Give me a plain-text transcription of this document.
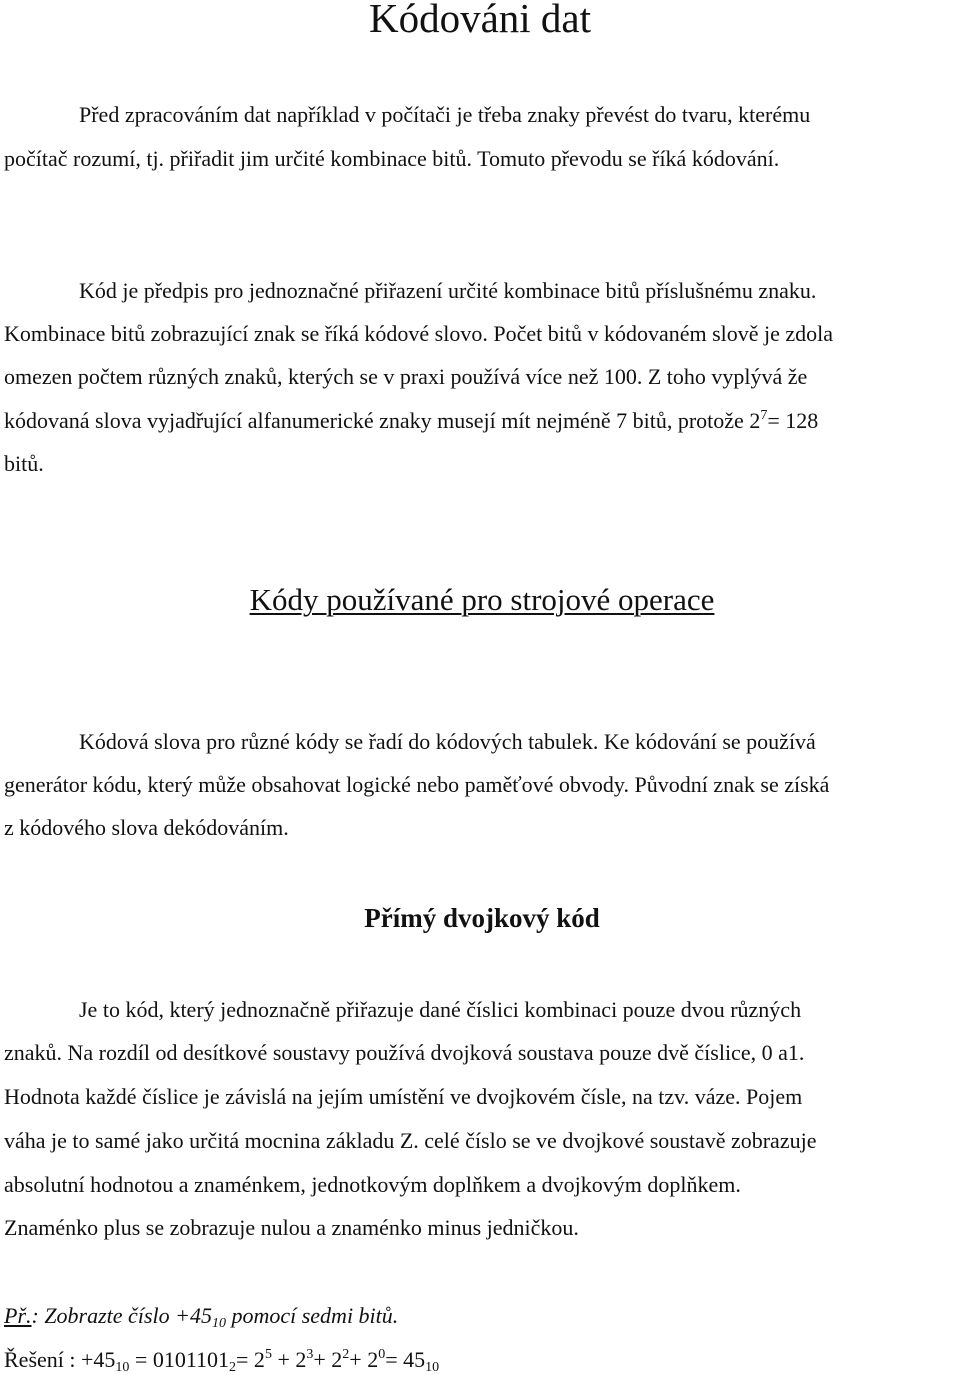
Kódováni dat
Před zpracováním dat například v počítači je třeba znaky převést do tvaru, kterému
počítač rozumí, tj. přiřadit jim určité kombinace bitů. Tomuto převodu se říká kódování.
Kód je předpis pro jednoznačné přiřazení určité kombinace bitů příslušnému znaku.
Kombinace bitů zobrazující znak se říká kódové slovo. Počet bitů v kódovaném slově je zdola
omezen počtem různých znaků, kterých se v praxi používá více než 100. Z toho vyplývá že
kódovaná slova vyjadřující alfanumerické znaky musejí mít nejméně 7 bitů, protože $2^7= 128$
bitů.
Kódy používané pro strojové operace
Kódová slova pro různé kódy se řadí do kódových tabulek. Ke kódování se používá
generátor kódu, který může obsahovat logické nebo paměťové obvody. Původní znak se získá
z kódového slova dekódováním.
Přímý dvojkový kód
Je to kód, který jednoznačně přiřazuje dané číslici kombinaci pouze dvou různých
znaků. Na rozdíl od desítkové soustavy používá dvojková soustava pouze dvě číslice, 0 a1.
Hodnota každé číslice je závislá na jejím umístění ve dvojkovém čísle, na tzv. váze. Pojem
váha je to samé jako určitá mocnina základu Z. celé číslo se ve dvojkové soustavě zobrazuje
absolutní hodnotou a znaménkem, jednotkovým doplňkem a dvojkovým doplňkem.
Znaménko plus se zobrazuje nulou a znaménko minus jedničkou.
Př.: Zobrazte číslo $+45_{10}$ pomocí sedmi bitů.
Řešení : $+45_{10} = 0101101_2= 2^5 + 2^3+ 2^2+ 2^0= 45_{10}$
